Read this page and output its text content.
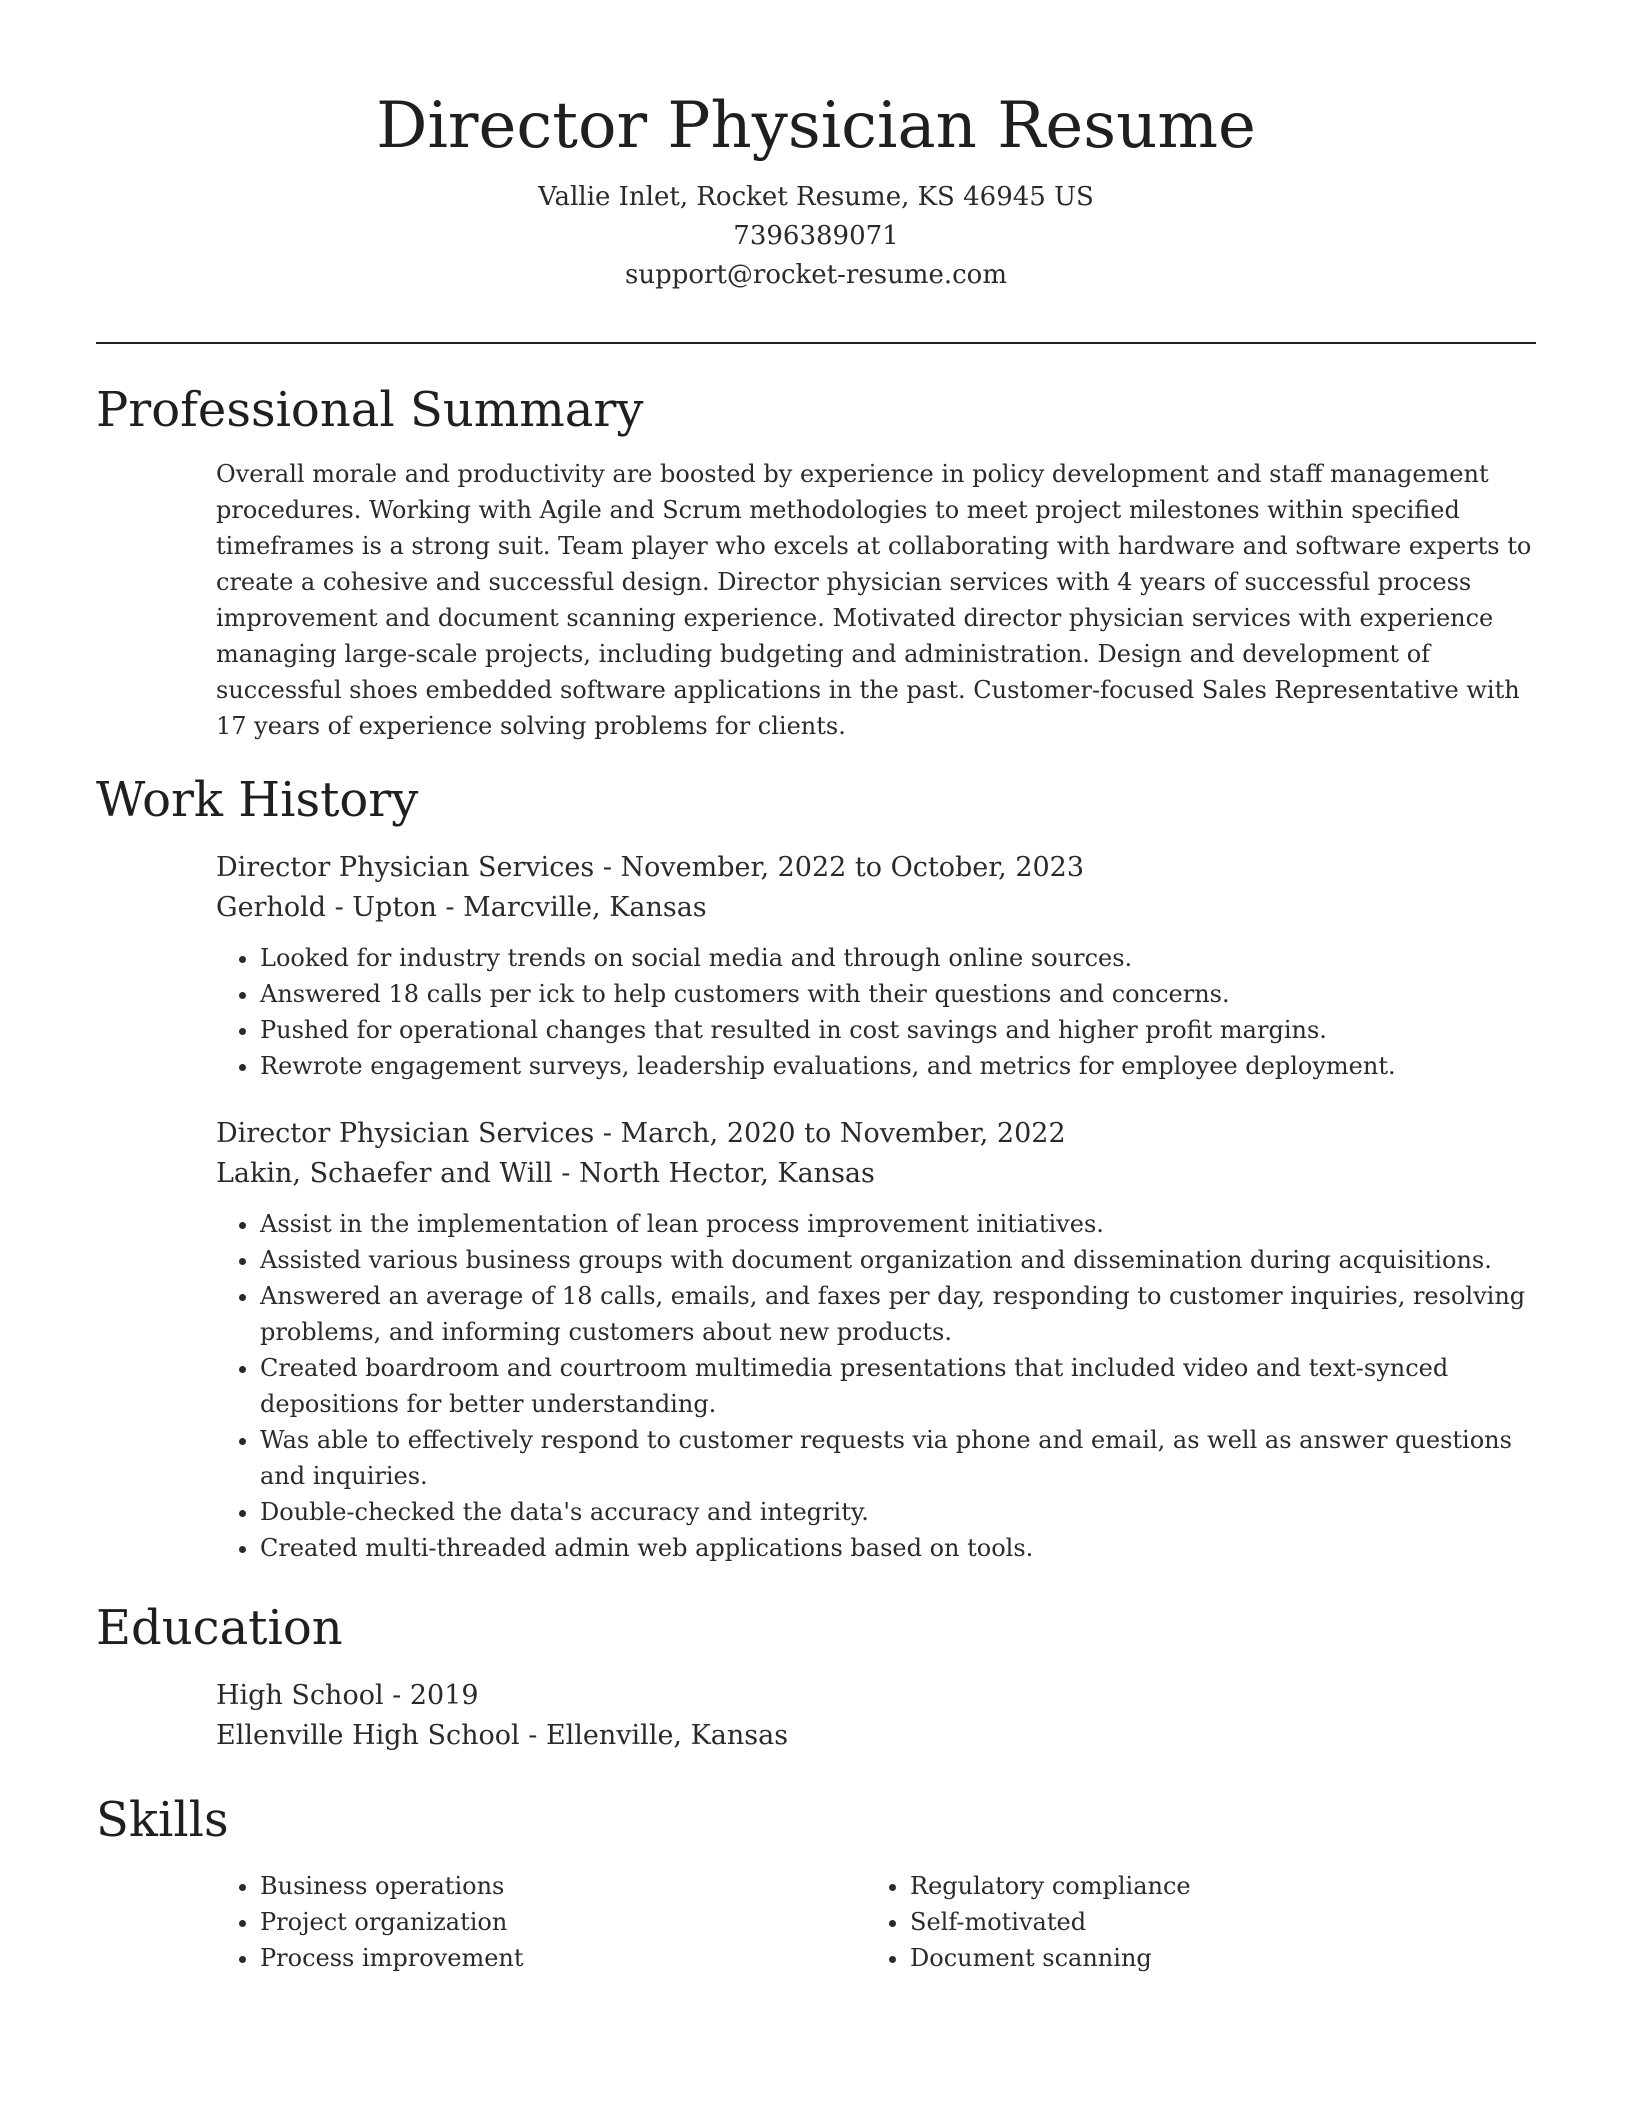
Director Physician Resume
Vallie Inlet, Rocket Resume, KS 46945 US
7396389071
support@rocket-resume.com
Professional Summary
Overall morale and productivity are boosted by experience in policy development and staff management procedures. Working with Agile and Scrum methodologies to meet project milestones within specified timeframes is a strong suit. Team player who excels at collaborating with hardware and software experts to create a cohesive and successful design. Director physician services with 4 years of successful process improvement and document scanning experience. Motivated director physician services with experience managing large-scale projects, including budgeting and administration. Design and development of successful shoes embedded software applications in the past. Customer-focused Sales Representative with 17 years of experience solving problems for clients.
Work History
Director Physician Services - November, 2022 to October, 2023
Gerhold - Upton - Marcville, Kansas
• Looked for industry trends on social media and through online sources.
• Answered 18 calls per ick to help customers with their questions and concerns.
• Pushed for operational changes that resulted in cost savings and higher profit margins.
• Rewrote engagement surveys, leadership evaluations, and metrics for employee deployment.
Director Physician Services - March, 2020 to November, 2022
Lakin, Schaefer and Will - North Hector, Kansas
• Assist in the implementation of lean process improvement initiatives.
• Assisted various business groups with document organization and dissemination during acquisitions.
• Answered an average of 18 calls, emails, and faxes per day, responding to customer inquiries, resolving problems, and informing customers about new products.
• Created boardroom and courtroom multimedia presentations that included video and text-synced depositions for better understanding.
• Was able to effectively respond to customer requests via phone and email, as well as answer questions and inquiries.
• Double-checked the data's accuracy and integrity.
• Created multi-threaded admin web applications based on tools.
Education
High School - 2019
Ellenville High School - Ellenville, Kansas
Skills
• Business operations
• Project organization
• Process improvement
• Regulatory compliance
• Self-motivated
• Document scanning
